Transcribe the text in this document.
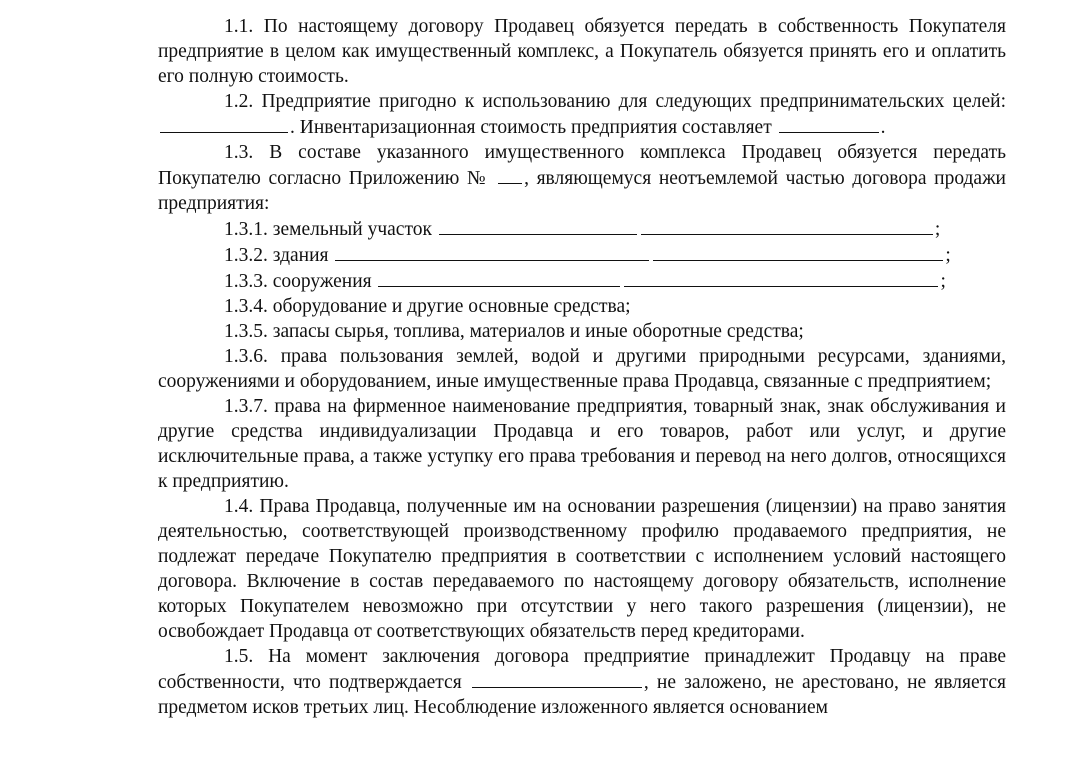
1.1. По настоящему договору Продавец обязуется передать в собственность Покупателя предприятие в целом как имущественный комплекс, а Покупатель обязуется принять его и оплатить его полную стоимость.

1.2. Предприятие пригодно к использованию для следующих предпринимательских целей: . Инвентаризационная стоимость предприятия составляет	.

1.3. В составе указанного имущественного комплекса Продавец обязуется передать Покупателю согласно Приложению № , являющемуся неотъемлемой частью договора продажи предприятия:

1.3.1. земельный участок	;

1.3.2. здания	;

1.3.3. сооружения	;

1.3.4. оборудование и другие основные средства;

1.3.5. запасы сырья, топлива, материалов и иные оборотные средства;

1.3.6. права пользования землей, водой и другими природными ресурсами, зданиями, сооружениями и оборудованием, иные имущественные права Продавца, связанные с предприятием;

1.3.7. права на фирменное наименование предприятия, товарный знак, знак обслуживания и другие средства индивидуализации Продавца и его товаров, работ или услуг, и другие исключительные права, а также уступку его права требования и перевод на него долгов, относящихся к предприятию.

1.4. Права Продавца, полученные им на основании разрешения (лицензии) на право занятия деятельностью, соответствующей производственному профилю продаваемого предприятия, не подлежат передаче Покупателю предприятия в соответствии с исполнением условий настоящего договора. Включение в состав передаваемого по настоящему договору обязательств, исполнение которых Покупателем невозможно при отсутствии у него такого разрешения (лицензии), не освобождает Продавца от соответствующих обязательств перед кредиторами.

1.5. На момент заключения договора предприятие принадлежит Продавцу на праве собственности, что подтверждается	, не заложено, не арестовано, не является предметом исков третьих лиц. Несоблюдение изложенного является основанием
